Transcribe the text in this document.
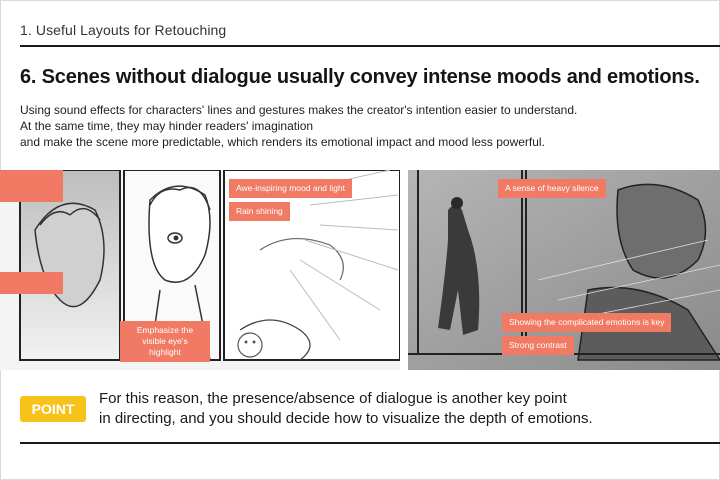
1. Useful Layouts for Retouching
6. Scenes without dialogue usually convey intense moods and emotions.
Using sound effects for characters' lines and gestures makes the creator's intention easier to understand.
At the same time, they may hinder readers' imagination
and make the scene more predictable, which renders its emotional impact and mood less powerful.
Awe-inspiring mood and light
Rain shining
Emphasize the
visible eye's
highlight
A sense of heavy silence
Showing the complicated emotions is key
Strong contrast
POINT
For this reason, the presence/absence of dialogue is another key point
in directing, and you should decide how to visualize the depth of emotions.
